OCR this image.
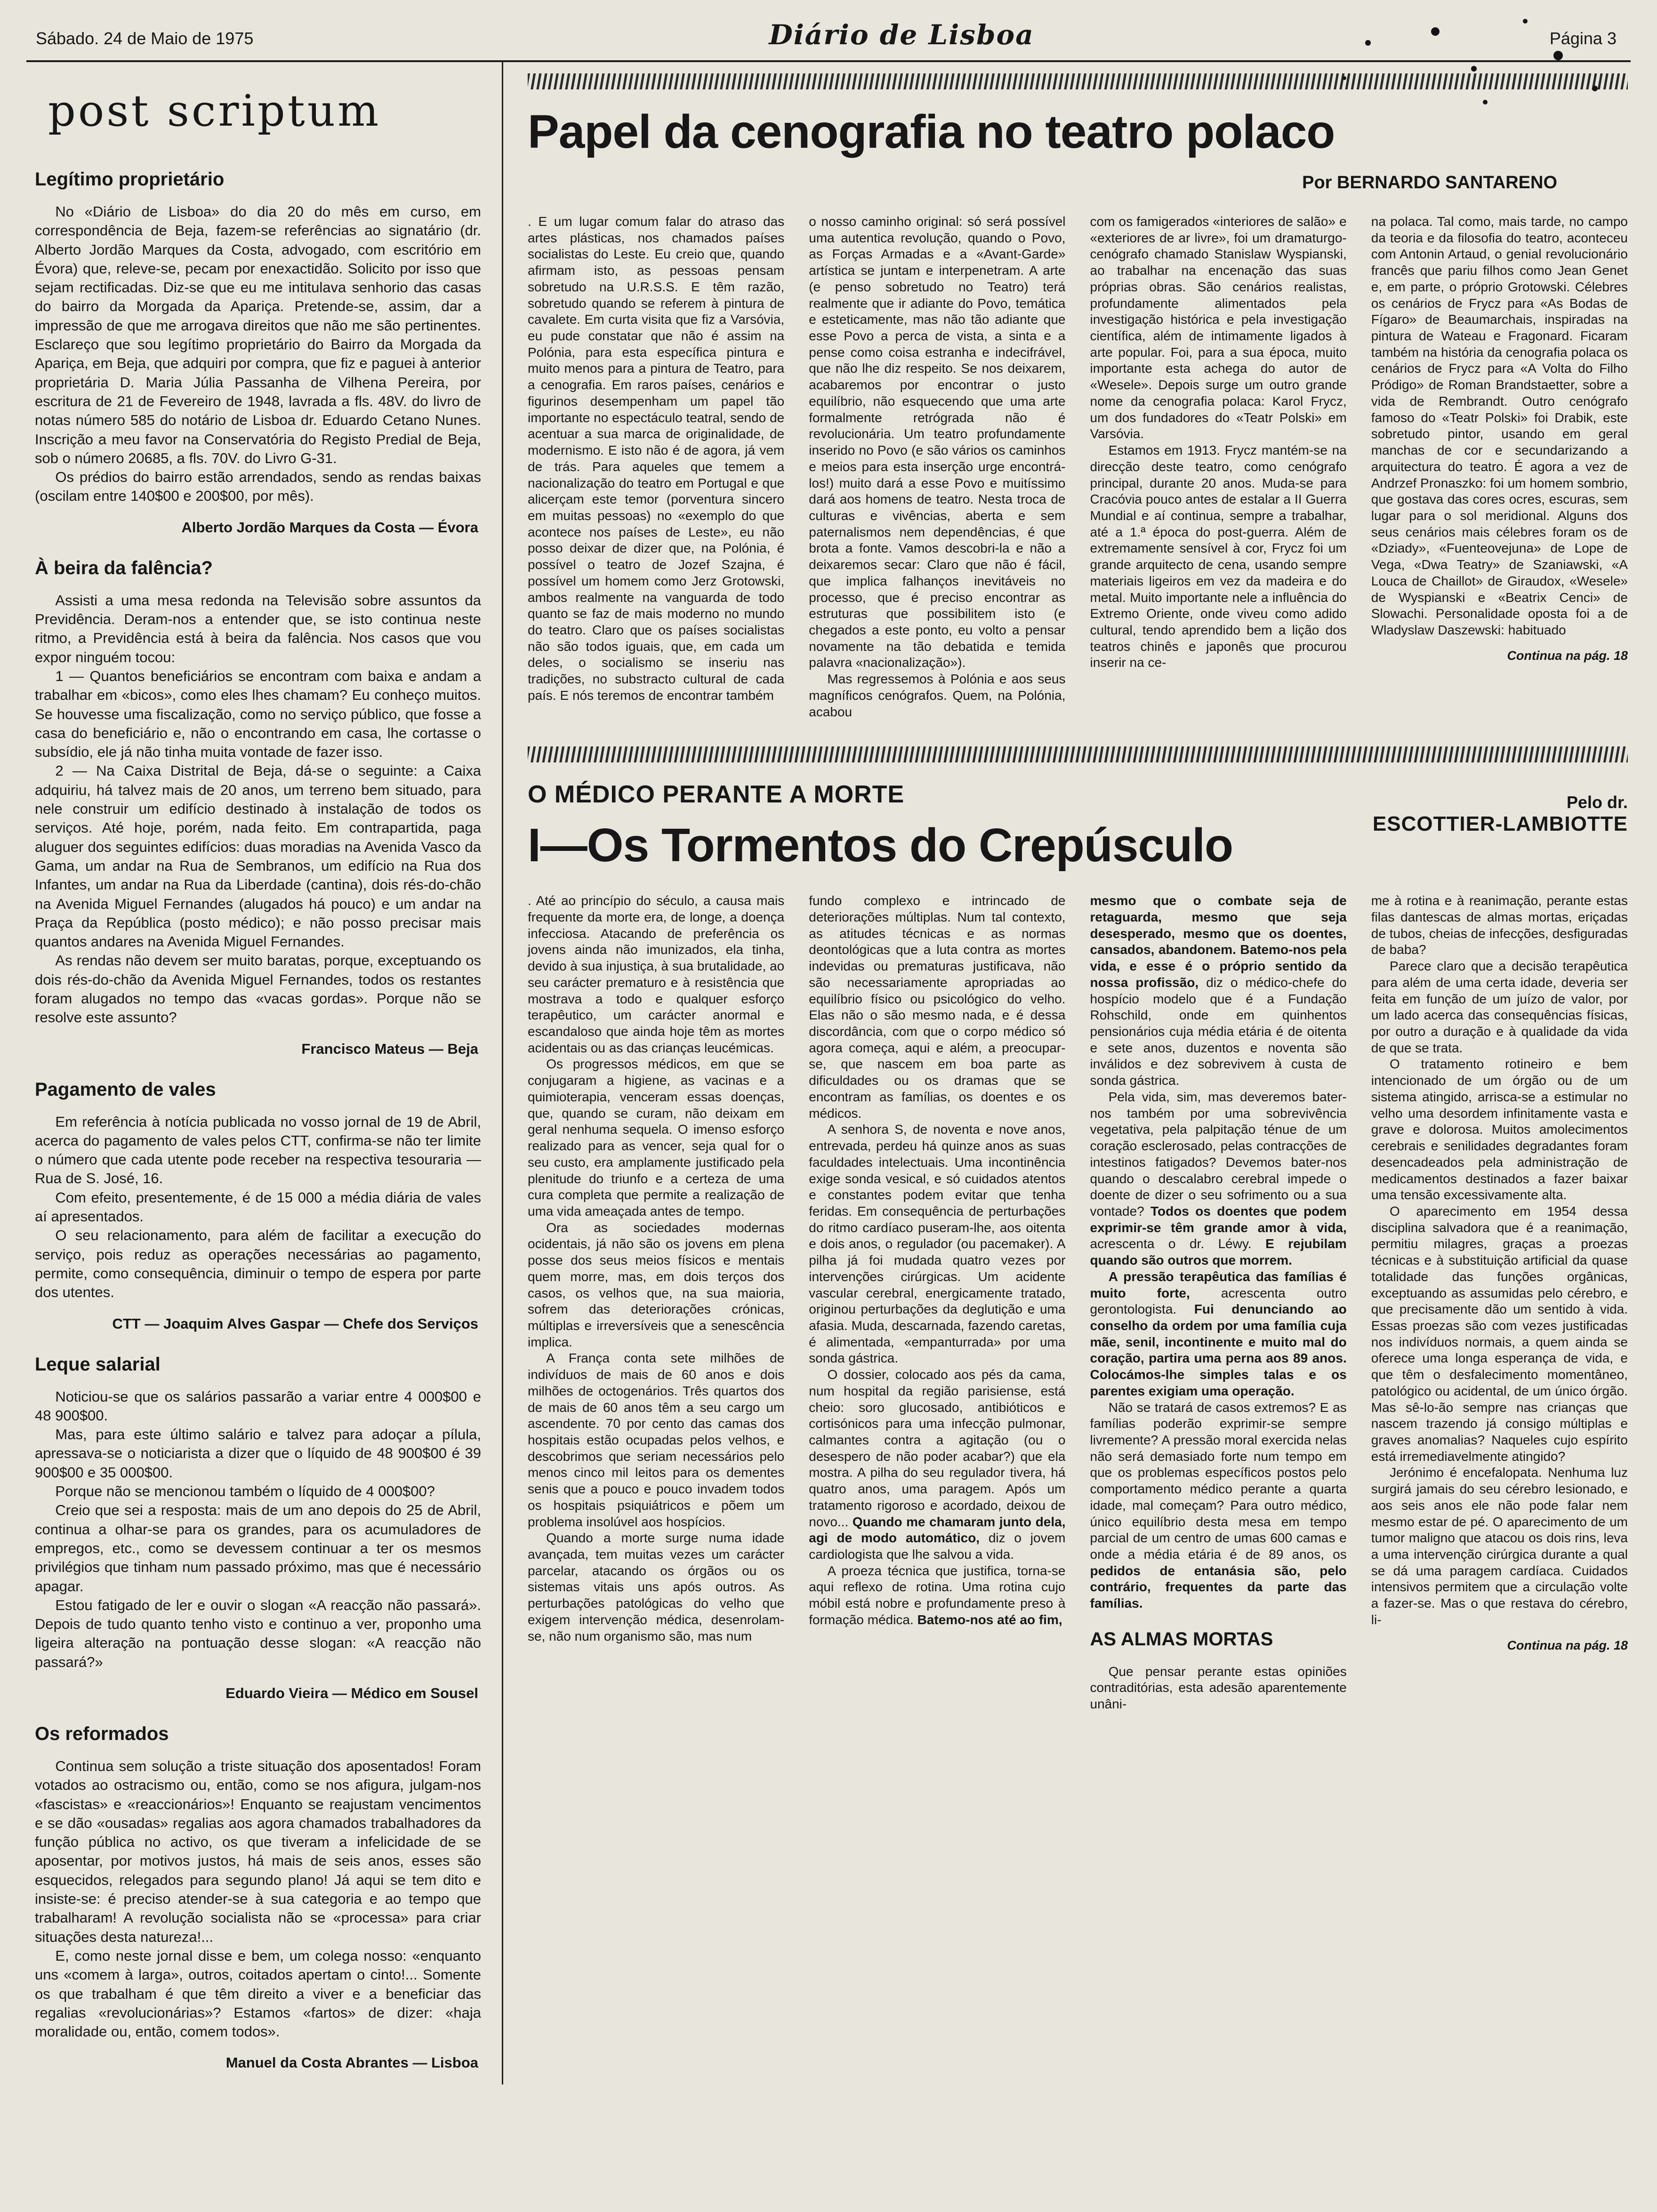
Sábado. 24 de Maio de 1975	Diário de Lisboa	Página 3
post scriptum
Legítimo proprietário

No «Diário de Lisboa» do dia 20 do mês em curso, em correspondência de Beja, fazem-se referências ao signatário (dr. Alberto Jordão Marques da Costa, advogado, com escritório em Évora) que, releve-se, pecam por enexactidão. Solicito por isso que sejam rectificadas. Diz-se que eu me intitulava senhorio das casas do bairro da Morgada da Apariça. Pretende-se, assim, dar a impressão de que me arrogava direitos que não me são pertinentes. Esclareço que sou legítimo proprietário do Bairro da Morgada da Apariça, em Beja, que adquiri por compra, que fiz e paguei à anterior proprietária D. Maria Júlia Passanha de Vilhena Pereira, por escritura de 21 de Fevereiro de 1948, lavrada a fls. 48V. do livro de notas número 585 do notário de Lisboa dr. Eduardo Cetano Nunes. Inscrição a meu favor na Conservatória do Registo Predial de Beja, sob o número 20685, a fls. 70V. do Livro G-31.

Os prédios do bairro estão arrendados, sendo as rendas baixas (oscilam entre 140$00 e 200$00, por mês).

Alberto Jordão Marques da Costa — Évora
À beira da falência?

Assisti a uma mesa redonda na Televisão sobre assuntos da Previdência. Deram-nos a entender que, se isto continua neste ritmo, a Previdência está à beira da falência. Nos casos que vou expor ninguém tocou:

1 — Quantos beneficiários se encontram com baixa e andam a trabalhar em «bicos», como eles lhes chamam? Eu conheço muitos. Se houvesse uma fiscalização, como no serviço público, que fosse a casa do beneficiário e, não o encontrando em casa, lhe cortasse o subsídio, ele já não tinha muita vontade de fazer isso.

2 — Na Caixa Distrital de Beja, dá-se o seguinte: a Caixa adquiriu, há talvez mais de 20 anos, um terreno bem situado, para nele construir um edifício destinado à instalação de todos os serviços. Até hoje, porém, nada feito. Em contrapartida, paga aluguer dos seguintes edifícios: duas moradias na Avenida Vasco da Gama, um andar na Rua de Sembranos, um edifício na Rua dos Infantes, um andar na Rua da Liberdade (cantina), dois rés-do-chão na Avenida Miguel Fernandes (alugados há pouco) e um andar na Praça da República (posto médico); e não posso precisar mais quantos andares na Avenida Miguel Fernandes.

As rendas não devem ser muito baratas, porque, exceptuando os dois rés-do-chão da Avenida Miguel Fernandes, todos os restantes foram alugados no tempo das «vacas gordas». Porque não se resolve este assunto?

Francisco Mateus — Beja
Pagamento de vales

Em referência à notícia publicada no vosso jornal de 19 de Abril, acerca do pagamento de vales pelos CTT, confirma-se não ter limite o número que cada utente pode receber na respectiva tesouraria — Rua de S. José, 16.

Com efeito, presentemente, é de 15 000 a média diária de vales aí apresentados.

O seu relacionamento, para além de facilitar a execução do serviço, pois reduz as operações necessárias ao pagamento, permite, como consequência, diminuir o tempo de espera por parte dos utentes.

CTT — Joaquim Alves Gaspar — Chefe dos Serviços
Leque salarial

Noticiou-se que os salários passarão a variar entre 4 000$00 e 48 900$00.

Mas, para este último salário e talvez para adoçar a pílula, apressava-se o noticiarista a dizer que o líquido de 48 900$00 é 39 900$00 e 35 000$00.

Porque não se mencionou também o líquido de 4 000$00?

Creio que sei a resposta: mais de um ano depois do 25 de Abril, continua a olhar-se para os grandes, para os acumuladores de empregos, etc., como se devessem continuar a ter os mesmos privilégios que tinham num passado próximo, mas que é necessário apagar.

Estou fatigado de ler e ouvir o slogan «A reacção não passará». Depois de tudo quanto tenho visto e continuo a ver, proponho uma ligeira alteração na pontuação desse slogan: «A reacção não passará?»

Eduardo Vieira — Médico em Sousel
Os reformados

Continua sem solução a triste situação dos aposentados! Foram votados ao ostracismo ou, então, como se nos afigura, julgam-nos «fascistas» e «reaccionários»! Enquanto se reajustam vencimentos e se dão «ousadas» regalias aos agora chamados trabalhadores da função pública no activo, os que tiveram a infelicidade de se aposentar, por motivos justos, há mais de seis anos, esses são esquecidos, relegados para segundo plano! Já aqui se tem dito e insiste-se: é preciso atender-se à sua categoria e ao tempo que trabalharam! A revolução socialista não se «processa» para criar situações desta natureza!...

E, como neste jornal disse e bem, um colega nosso: «enquanto uns «comem à larga», outros, coitados apertam o cinto!... Somente os que trabalham é que têm direito a viver e a beneficiar das regalias «revolucionárias»? Estamos «fartos» de dizer: «haja moralidade ou, então, comem todos».

Manuel da Costa Abrantes — Lisboa
Papel da cenografia no teatro polaco
Por BERNARDO SANTARENO

. E um lugar comum falar do atraso das artes plásticas, nos chamados países socialistas do Leste. Eu creio que, quando afirmam isto, as pessoas pensam sobretudo na U.R.S.S. E têm razão, sobretudo quando se referem à pintura de cavalete. Em curta visita que fiz a Varsóvia, eu pude constatar que não é assim na Polónia, para esta específica pintura e muito menos para a pintura de Teatro, para a cenografia. Em raros países, cenários e figurinos desempenham um papel tão importante no espectáculo teatral, sendo de acentuar a sua marca de originalidade, de modernismo. E isto não é de agora, já vem de trás. Para aqueles que temem a nacionalização do teatro em Portugal e que alicerçam este temor (porventura sincero em muitas pessoas) no «exemplo do que acontece nos países de Leste», eu não posso deixar de dizer que, na Polónia, é possível o teatro de Jozef Szajna, é possível um homem como Jerz Grotowski, ambos realmente na vanguarda de todo quanto se faz de mais moderno no mundo do teatro. Claro que os países socialistas não são todos iguais, que, em cada um deles, o socialismo se inseriu nas tradições, no substracto cultural de cada país. E nós teremos de encontrar também

o nosso caminho original: só será possível uma autentica revolução, quando o Povo, as Forças Armadas e a «Avant-Garde» artística se juntam e interpenetram. A arte (e penso sobretudo no Teatro) terá realmente que ir adiante do Povo, temática e esteticamente, mas não tão adiante que esse Povo a perca de vista, a sinta e a pense como coisa estranha e indecifrável, que não lhe diz respeito. Se nos deixarem, acabaremos por encontrar o justo equilíbrio, não esquecendo que uma arte formalmente retrógrada não é revolucionária. Um teatro profundamente inserido no Povo (e são vários os caminhos e meios para esta inserção urge encontrá-los!) muito dará a esse Povo e muitíssimo dará aos homens de teatro. Nesta troca de culturas e vivências, aberta e sem paternalismos nem dependências, é que brota a fonte. Vamos descobri-la e não a deixaremos secar: Claro que não é fácil, que implica falhanços inevitáveis no processo, que é preciso encontrar as estruturas que possibilitem isto (e chegados a este ponto, eu volto a pensar novamente na tão debatida e temida palavra «nacionalização»).

Mas regressemos à Polónia e aos seus magníficos cenógrafos. Quem, na Polónia, acabou

com os famigerados «interiores de salão» e «exteriores de ar livre», foi um dramaturgo-cenógrafo chamado Stanislaw Wyspianski, ao trabalhar na encenação das suas próprias obras. São cenários realistas, profundamente alimentados pela investigação histórica e pela investigação científica, além de intimamente ligados à arte popular. Foi, para a sua época, muito importante esta achega do autor de «Wesele». Depois surge um outro grande nome da cenografia polaca: Karol Frycz, um dos fundadores do «Teatr Polski» em Varsóvia.

Estamos em 1913. Frycz mantém-se na direcção deste teatro, como cenógrafo principal, durante 20 anos. Muda-se para Cracóvia pouco antes de estalar a II Guerra Mundial e aí continua, sempre a trabalhar, até a 1.ª época do post-guerra. Além de extremamente sensível à cor, Frycz foi um grande arquitecto de cena, usando sempre materiais ligeiros em vez da madeira e do metal. Muito importante nele a influência do Extremo Oriente, onde viveu como adido cultural, tendo aprendido bem a lição dos teatros chinês e japonês que procurou inserir na ce-

na polaca. Tal como, mais tarde, no campo da teoria e da filosofia do teatro, aconteceu com Antonin Artaud, o genial revolucionário francês que pariu filhos como Jean Genet e, em parte, o próprio Grotowski. Célebres os cenários de Frycz para «As Bodas de Fígaro» de Beaumarchais, inspiradas na pintura de Wateau e Fragonard. Ficaram também na história da cenografia polaca os cenários de Frycz para «A Volta do Filho Pródigo» de Roman Brandstaetter, sobre a vida de Rembrandt. Outro cenógrafo famoso do «Teatr Polski» foi Drabik, este sobretudo pintor, usando em geral manchas de cor e secundarizando a arquitectura do teatro. É agora a vez de Andrzef Pronaszko: foi um homem sombrio, que gostava das cores ocres, escuras, sem lugar para o sol meridional. Alguns dos seus cenários mais célebres foram os de «Dziady», «Fuenteovejuna» de Lope de Vega, «Dwa Teatry» de Szaniawski, «A Louca de Chaillot» de Giraudox, «Wesele» de Wyspianski e «Beatrix Cenci» de Slowachi. Personalidade oposta foi a de Wladyslaw Daszewski: habituado

Continua na pág. 18
O MÉDICO PERANTE A MORTE
I—Os Tormentos do Crepúsculo
Pelo dr.
ESCOTTIER-LAMBIOTTE

. Até ao princípio do século, a causa mais frequente da morte era, de longe, a doença infecciosa. Atacando de preferência os jovens ainda não imunizados, ela tinha, devido à sua injustiça, à sua brutalidade, ao seu carácter prematuro e à resistência que mostrava a todo e qualquer esforço terapêutico, um carácter anormal e escandaloso que ainda hoje têm as mortes acidentais ou as das crianças leucémicas.

Os progressos médicos, em que se conjugaram a higiene, as vacinas e a quimioterapia, venceram essas doenças, que, quando se curam, não deixam em geral nenhuma sequela. O imenso esforço realizado para as vencer, seja qual for o seu custo, era amplamente justificado pela plenitude do triunfo e a certeza de uma cura completa que permite a realização de uma vida ameaçada antes de tempo.

Ora as sociedades modernas ocidentais, já não são os jovens em plena posse dos seus meios físicos e mentais quem morre, mas, em dois terços dos casos, os velhos que, na sua maioria, sofrem das deteriorações crónicas, múltiplas e irreversíveis que a senescência implica.

A França conta sete milhões de indivíduos de mais de 60 anos e dois milhões de octogenários. Três quartos dos de mais de 60 anos têm a seu cargo um ascendente. 70 por cento das camas dos hospitais estão ocupadas pelos velhos, e descobrimos que seriam necessários pelo menos cinco mil leitos para os dementes senis que a pouco e pouco invadem todos os hospitais psiquiátricos e põem um problema insolúvel aos hospícios.

Quando a morte surge numa idade avançada, tem muitas vezes um carácter parcelar, atacando os órgãos ou os sistemas vitais uns após outros. As perturbações patológicas do velho que exigem intervenção médica, desenrolam-se, não num organismo são, mas num

fundo complexo e intrincado de deteriorações múltiplas. Num tal contexto, as atitudes técnicas e as normas deontológicas que a luta contra as mortes indevidas ou prematuras justificava, não são necessariamente apropriadas ao equilíbrio físico ou psicológico do velho. Elas não o são mesmo nada, e é dessa discordância, com que o corpo médico só agora começa, aqui e além, a preocupar-se, que nascem em boa parte as dificuldades ou os dramas que se encontram as famílias, os doentes e os médicos.

A senhora S, de noventa e nove anos, entrevada, perdeu há quinze anos as suas faculdades intelectuais. Uma incontinência exige sonda vesical, e só cuidados atentos e constantes podem evitar que tenha feridas. Em consequência de perturbações do ritmo cardíaco puseram-lhe, aos oitenta e dois anos, o regulador (ou pacemaker). A pilha já foi mudada quatro vezes por intervenções cirúrgicas. Um acidente vascular cerebral, energicamente tratado, originou perturbações da deglutição e uma afasia. Muda, descarnada, fazendo caretas, é alimentada, «empanturrada» por uma sonda gástrica.

O dossier, colocado aos pés da cama, num hospital da região parisiense, está cheio: soro glucosado, antibióticos e cortisónicos para uma infecção pulmonar, calmantes contra a agitação (ou o desespero de não poder acabar?) que ela mostra. A pilha do seu regulador tivera, há quatro anos, uma paragem. Após um tratamento rigoroso e acordado, deixou de novo... Quando me chamaram junto dela, agi de modo automático, diz o jovem cardiologista que lhe salvou a vida.

A proeza técnica que justifica, torna-se aqui reflexo de rotina. Uma rotina cujo móbil está nobre e profundamente preso à formação médica. Batemo-nos até ao fim,

mesmo que o combate seja de retaguarda, mesmo que seja desesperado, mesmo que os doentes, cansados, abandonem. Batemo-nos pela vida, e esse é o próprio sentido da nossa profissão, diz o médico-chefe do hospício modelo que é a Fundação Rohschild, onde em quinhentos pensionários cuja média etária é de oitenta e sete anos, duzentos e noventa são inválidos e dez sobrevivem à custa de sonda gástrica.

Pela vida, sim, mas deveremos bater-nos também por uma sobrevivência vegetativa, pela palpitação ténue de um coração esclerosado, pelas contracções de intestinos fatigados? Devemos bater-nos quando o descalabro cerebral impede o doente de dizer o seu sofrimento ou a sua vontade? Todos os doentes que podem exprimir-se têm grande amor à vida, acrescenta o dr. Léwy. E rejubilam quando são outros que morrem.

A pressão terapêutica das famílias é muito forte, acrescenta outro gerontologista. Fui denunciando ao conselho da ordem por uma família cuja mãe, senil, incontinente e muito mal do coração, partira uma perna aos 89 anos. Colocámos-lhe simples talas e os parentes exigiam uma operação.

Não se tratará de casos extremos? E as famílias poderão exprimir-se sempre livremente? A pressão moral exercida nelas não será demasiado forte num tempo em que os problemas específicos postos pelo comportamento médico perante a quarta idade, mal começam? Para outro médico, único equilíbrio desta mesa em tempo parcial de um centro de umas 600 camas e onde a média etária é de 89 anos, os pedidos de entanásia são, pelo contrário, frequentes da parte das famílias.

AS ALMAS MORTAS

Que pensar perante estas opiniões contraditórias, esta adesão aparentemente unâni-

me à rotina e à reanimação, perante estas filas dantescas de almas mortas, eriçadas de tubos, cheias de infecções, desfiguradas de baba?

Parece claro que a decisão terapêutica para além de uma certa idade, deveria ser feita em função de um juízo de valor, por um lado acerca das consequências físicas, por outro a duração e à qualidade da vida de que se trata.

O tratamento rotineiro e bem intencionado de um órgão ou de um sistema atingido, arrisca-se a estimular no velho uma desordem infinitamente vasta e grave e dolorosa. Muitos amolecimentos cerebrais e senilidades degradantes foram desencadeados pela administração de medicamentos destinados a fazer baixar uma tensão excessivamente alta.

O aparecimento em 1954 dessa disciplina salvadora que é a reanimação, permitiu milagres, graças a proezas técnicas e à substituição artificial da quase totalidade das funções orgânicas, exceptuando as assumidas pelo cérebro, e que precisamente dão um sentido à vida. Essas proezas são com vezes justificadas nos indivíduos normais, a quem ainda se oferece uma longa esperança de vida, e que têm o desfalecimento momentâneo, patológico ou acidental, de um único órgão. Mas sê-lo-ão sempre nas crianças que nascem trazendo já consigo múltiplas e graves anomalias? Naqueles cujo espírito está irremediavelmente atingido?

Jerónimo é encefalopata. Nenhuma luz surgirá jamais do seu cérebro lesionado, e aos seis anos ele não pode falar nem mesmo estar de pé. O aparecimento de um tumor maligno que atacou os dois rins, leva a uma intervenção cirúrgica durante a qual se dá uma paragem cardíaca. Cuidados intensivos permitem que a circulação volte a fazer-se. Mas o que restava do cérebro, li-

Continua na pág. 18
